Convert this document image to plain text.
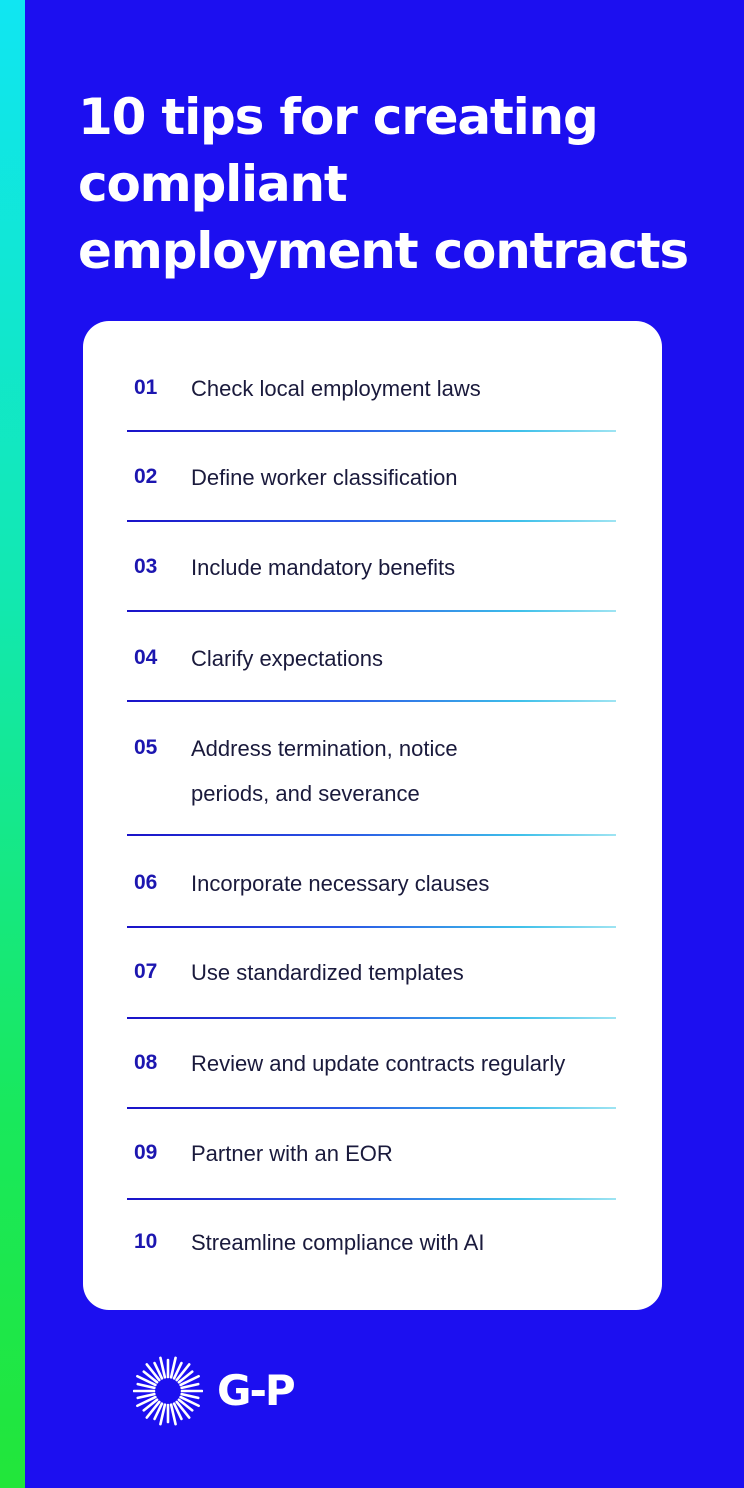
10 tips for creating compliant employment contracts
01 Check local employment laws
02 Define worker classification
03 Include mandatory benefits
04 Clarify expectations
05 Address termination, notice periods, and severance
06 Incorporate necessary clauses
07 Use standardized templates
08 Review and update contracts regularly
09 Partner with an EOR
10 Streamline compliance with AI
G-P
